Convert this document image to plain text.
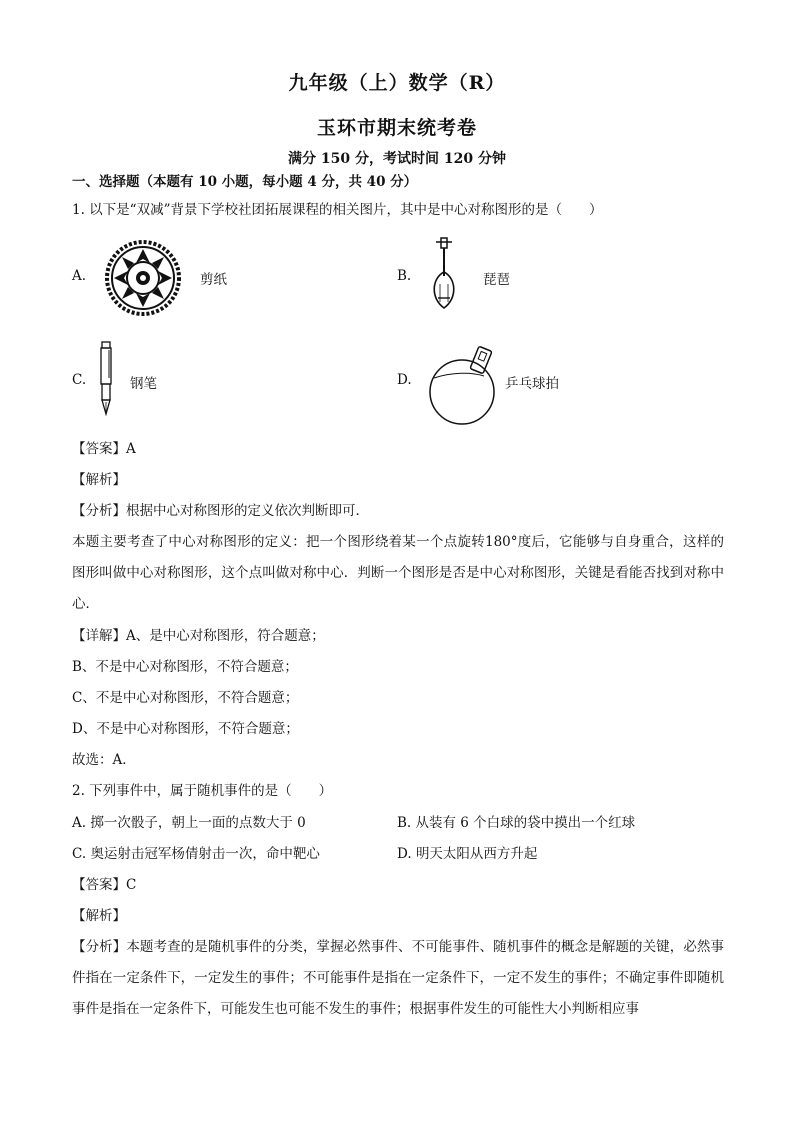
九年级（上）数学（R）
玉环市期末统考卷
满分 150 分，考试时间 120 分钟
一、选择题（本题有 10 小题，每小题 4 分，共 40 分）
1. 以下是“双减”背景下学校社团拓展课程的相关图片，其中是中心对称图形的是（　　）
A.	剪纸	B.	琵琶
C.	钢笔	D.	乒乓球拍
【答案】A
【解析】
【分析】根据中心对称图形的定义依次判断即可．
本题主要考查了中心对称图形的定义：把一个图形绕着某一个点旋转180°度后，它能够与自身重合，这样的图形叫做中心对称图形，这个点叫做对称中心．判断一个图形是否是中心对称图形，关键是看能否找到对称中心．
【详解】A、是中心对称图形，符合题意；
B、不是中心对称图形，不符合题意；
C、不是中心对称图形，不符合题意；
D、不是中心对称图形，不符合题意；
故选：A．
2. 下列事件中，属于随机事件的是（　　）
A. 掷一次骰子，朝上一面的点数大于 0	B. 从装有 6 个白球的袋中摸出一个红球
C. 奥运射击冠军杨倩射击一次，命中靶心	D. 明天太阳从西方升起
【答案】C
【解析】
【分析】本题考查的是随机事件的分类，掌握必然事件、不可能事件、随机事件的概念是解题的关键，必然事件指在一定条件下，一定发生的事件；不可能事件是指在一定条件下，一定不发生的事件；不确定事件即随机事件是指在一定条件下，可能发生也可能不发生的事件；根据事件发生的可能性大小判断相应事
